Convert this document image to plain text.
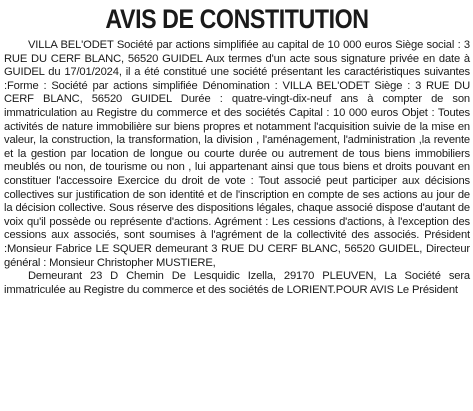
AVIS DE CONSTITUTION
VILLA BEL'ODET Société par actions simplifiée au capital de 10 000 euros Siège social : 3 RUE DU CERF BLANC, 56520 GUIDEL Aux termes d'un acte sous signature privée en date à GUIDEL du 17/01/2024, il a été constitué une société présentant les caractéristiques suivantes :Forme : Société par actions simplifiée Dénomination : VILLA BEL'ODET Siège : 3 RUE DU CERF BLANC, 56520 GUIDEL Durée : quatre-vingt-dix-neuf ans à compter de son immatriculation au Registre du commerce et des sociétés Capital : 10 000 euros Objet : Toutes activités de nature immobilière sur biens propres et notamment l'acquisition suivie de la mise en valeur, la construction, la transformation, la division , l'aménagement, l'administration ,la revente et la gestion par location de longue ou courte durée ou autrement de tous biens immobiliers meublés ou non, de tourisme ou non , lui appartenant ainsi que tous biens et droits pouvant en constituer l'accessoire Exercice du droit de vote : Tout associé peut participer aux décisions collectives sur justification de son identité et de l'inscription en compte de ses actions au jour de la décision collective. Sous réserve des dispositions légales, chaque associé dispose d'autant de voix qu'il possède ou représente d'actions. Agrément : Les cessions d'actions, à l'exception des cessions aux associés, sont soumises à l'agrément de la collectivité des associés. Président :Monsieur Fabrice LE SQUER demeurant 3 RUE DU CERF BLANC, 56520 GUIDEL, Directeur général : Monsieur Christopher MUSTIERE,
Demeurant 23 D Chemin De Lesquidic Izella, 29170 PLEUVEN, La Société sera immatriculée au Registre du commerce et des sociétés de LORIENT.POUR AVIS Le Président
